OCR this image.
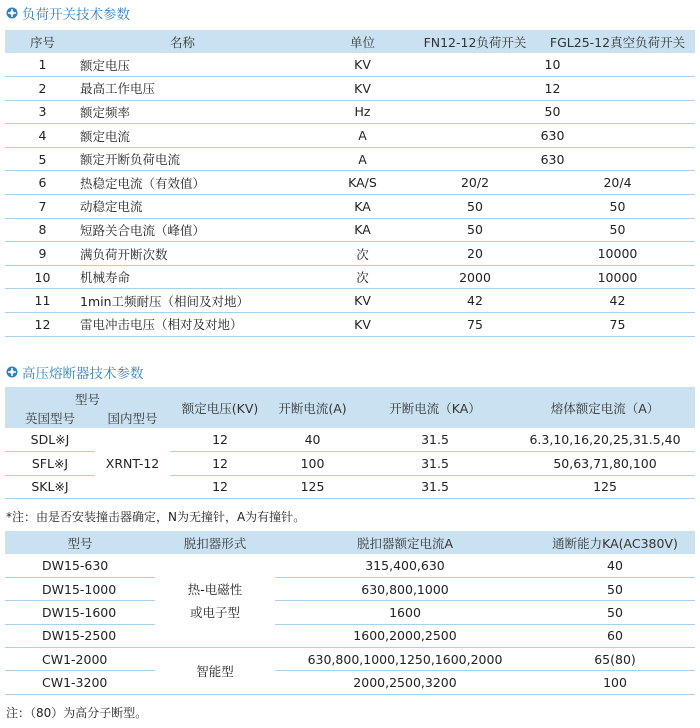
负荷开关技术参数
序号	名称	单位	FN12-12负荷开关	FGL25-12真空负荷开关
1	额定电压	KV	10	
2	最高工作电压	KV	12	
3	额定频率	Hz	50	
4	额定电流	A	630	
5	额定开断负荷电流	A	630	
6	热稳定电流（有效值）	KA/S	20/2	20/4
7	动稳定电流	KA	50	50
8	短路关合电流（峰值）	KA	50	50
9	满负荷开断次数	次	20	10000
10	机械寿命	次	2000	10000
11	1min工频耐压（相间及对地）	KV	42	42
12	雷电冲击电压（相对及对地）	KV	75	75
高压熔断器技术参数
型号		额定电压(KV)	开断电流(A)	开断电流（KA）	熔体额定电流（A）
英国型号	国内型号				
SDL※J	XRNT-12	12	40	31.5	6.3,10,16,20,25,31.5,40
SFL※J		12	100	31.5	50,63,71,80,100
SKL※J		12	125	31.5	125
*注：由是否安装撞击器确定，N为无撞针，A为有撞针。
型号	脱扣器形式	脱扣器额定电流A	通断能力KA(AC380V)
DW15-630		315,400,630	40
DW15-1000	热-电磁性	630,800,1000	50
DW15-1600	或电子型	1600	50
DW15-2500		1600,2000,2500	60
CW1-2000	智能型	630,800,1000,1250,1600,2000	65(80)
CW1-3200		2000,2500,3200	100
注：（80）为高分子断型。
